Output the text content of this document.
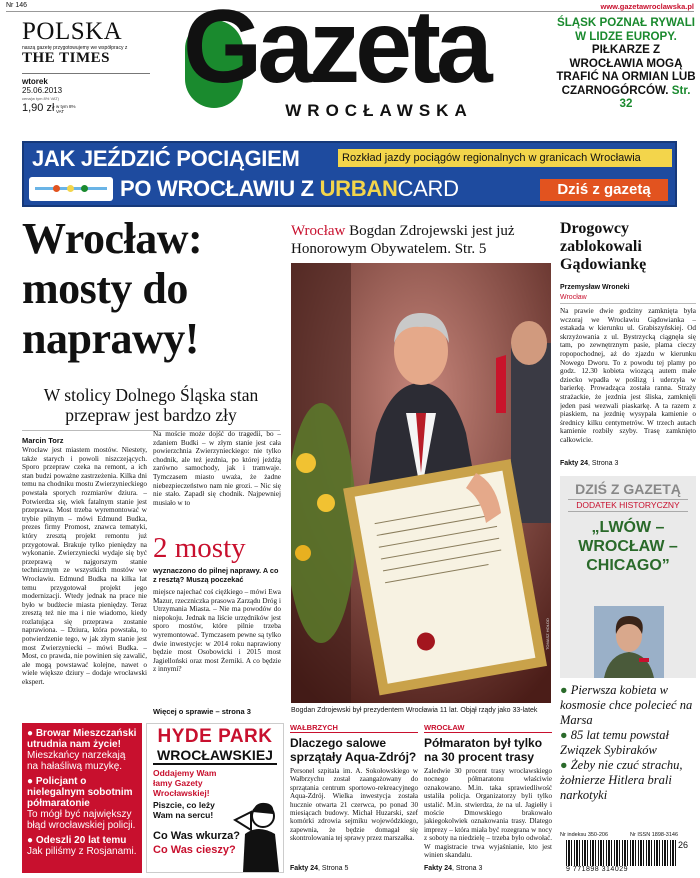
Nr 146	www.gazetawroclawska.pl
POLSKA
naszą gazetę przygotowujemy we współpracy z
THE TIMES
wtorek
25.06.2013
cena(w tym 8% VAT)
1,90 zł w tym 8% VAT
Gazeta
WROCŁAWSKA
ŚLĄSK POZNAŁ RYWALI W LIDZE EUROPY. PIŁKARZE Z WROCŁAWIA MOGĄ TRAFIĆ NA ORMIAN LUB CZARNOGÓRCÓW. Str. 32
JAK JEŹDZIĆ POCIĄGIEM	Rozkład jazdy pociągów regionalnych w granicach Wrocławia
PO WROCŁAWIU Z URBANCARD	Dziś z gazetą
Wrocław: mosty do naprawy!
W stolicy Dolnego Śląska stan przepraw jest bardzo zły
Marcin Torz
Wrocław jest miastem mostów. Niestety, także starych i powoli niszczejących. Sporo przepraw czeka na remont, a ich stan budzi poważne zastrzeżenia. Kilka dni temu na chodniku mostu Zwierzynieckiego powstała sporych rozmiarów dziura. – Potwierdza się, wiek fatalnym stanie jest przeprawa. Most trzeba wyremontować w trybie pilnym – mówi Edmund Budka, prezes firmy Promost, znawca tematyki, który zresztą projekt remontu już przygotował. Brakuje tylko pieniędzy na wykonanie. Zwierzyniecki wydaje się być przeprawą w najgorszym stanie technicznym ze wszystkich mostów we Wrocławiu. Edmund Budka na kilka lat temu przygotował projekt jego modernizacji. Wtedy jednak na prace nie było w budżecie miasta pieniędzy. Teraz zresztą też nie ma i nie wiadomo, kiedy rozlatująca się przeprawa zostanie naprawiona. – Dziura, która powstała, to potwierdzenie tego, w jak złym stanie jest most Zwierzyniecki – mówi Budka. – Most, co prawda, nie powinien się zawalić, ale mogą powstawać kolejne, nawet o wiele większe dziury – dodaje wrocławski ekspert.
Na moście może dojść do tragedii, bo – zdaniem Budki – w złym stanie jest cała powierzchnia Zwierzynieckiego: nie tylko chodnik, ale też jezdnia, po której jeżdżą zarówno samochody, jak i tramwaje. Tymczasem miasto uważa, że żadne niebezpieczeństwo nam nie grozi. – Nic się nie stało. Zapadł się chodnik. Najpewniej musiało w to
2 mosty
wyznaczono do pilnej naprawy. A co z resztą? Muszą poczekać
miejsce najechać coś ciężkiego – mówi Ewa Mazur, rzeczniczka prasowa Zarządu Dróg i Utrzymania Miasta. – Nie ma powodów do niepokoju. Jednak na liście urzędników jest sporo mostów, które pilnie trzeba wyremontować. Tymczasem pewne są tylko dwie inwestycje: w 2014 roku naprawiony będzie most Osobowicki i 2015 most Jagielloński oraz most Żerniki. A co będzie z innymi?
Więcej o sprawie – strona 3
Wrocław Bogdan Zdrojewski jest już Honorowym Obywatelem. Str. 5
TOMASZ HOŁOD
Bogdan Zdrojewski był prezydentem Wrocławia 11 lat. Objął rządy jako 33-latek
Drogowcy zablokowali Gądowiankę
Przemysław Wroneki
Wrocław
Na prawie dwie godziny zamknięta była wczoraj we Wrocławiu Gądowianka – estakada w kierunku ul. Grabiszyńskiej. Od skrzyżowania z ul. Bystrzycką ciągnęła się tam, po zewnętrznym pasie, plama cieczy ropopochodnej, aż do zjazdu w kierunku Nowego Dworu. To z powodu tej plamy po godz. 12.30 kobieta wiozącą autem małe dziecko wpadła w poślizg i uderzyła w barierkę. Prowadząca została ranna. Straży strażackie, że jezdnia jest śliska, zamknięli jeden pasi wezwali piaskarkę. A ta razem z piaskiem, na jezdnię wysypała kamienie o średnicy kilku centymetrów. W trzech autach kamienie rozbiły szyby. Trasę zamknięto całkowicie.
Fakty 24, Strona 3
DZIŚ Z GAZETĄ
DODATEK HISTORYCZNY
„LWÓW – WROCŁAW – CHICAGO”
● Pierwsza kobieta w kosmosie chce polecieć na Marsa
● 85 lat temu powstał Związek Sybiraków
● Żeby nie czuć strachu, żołnierze Hitlera brali narkotyki
● Browar Mieszczański utrudnia nam życie!
Mieszkańcy narzekają na hałaśliwą muzykę.
● Policjant o nielegalnym sobotnim półmaratonie
To mógł być największy błąd wrocławskiej policji.
● Odeszli 20 lat temu
Jak piliśmy z Rosjanami.
HYDE PARK
WROCŁAWSKIEJ
Oddajemy Wam łamy Gazety Wrocławskiej!
Piszcie, co leży Wam na sercu!
Co Was wkurza?
Co Was cieszy?
WAŁBRZYCH
Dlaczego salowe sprzątały Aqua-Zdrój?
Personel szpitala im. A. Sokołowskiego w Wałbrzychu został zaangażowany do sprzątania centrum sportowo-rekreacyjnego Aqua-Zdrój. Wielka inwestycja została hucznie otwarta 21 czerwca, po ponad 30 miesiącach budowy. Michał Huzarski, szef komórki zdrowia sejmiku wojewódzkiego, zapewnia, że będzie domagał się skontrolowania tej sprawy przez marszałka.
Fakty 24, Strona 5
WROCŁAW
Półmaraton był tylko na 30 procent trasy
Zaledwie 30 procent trasy wrocławskiego nocnego półmaratonu właściwie oznakowano. M.in. taka sprawiedliwość ustaliła policja. Organizatorzy byli tylko ustalić. M.in. stwierdza, że na ul. Jagiełły i moście Dmowskiego brakowało jakiegokolwiek oznakowania trasy. Dlatego imprezy – która miała być rozegrana w nocy z soboty na niedzielę – trzeba było odwołać. W magistracie trwa wyjaśnianie, kto jest winien skandalu.
Fakty 24, Strona 3
Nr indeksu 350-206	Nr ISSN 1898-3146
9 771898 314029
26
